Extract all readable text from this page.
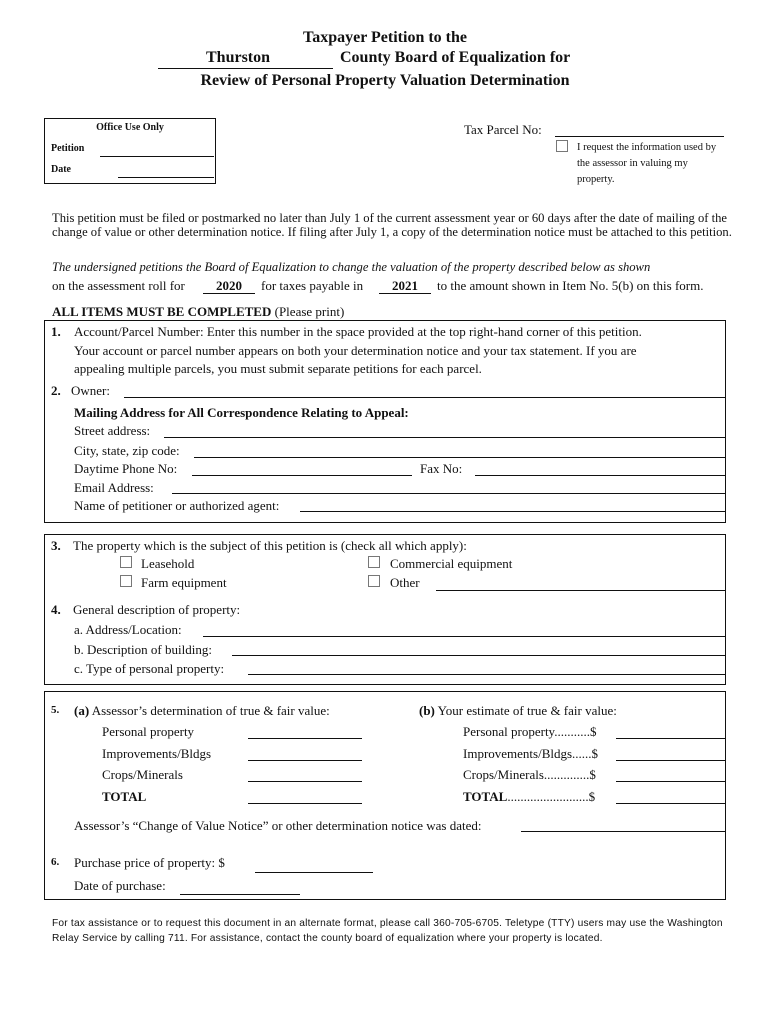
Taxpayer Petition to the
Thurston	County Board of Equalization for
Review of Personal Property Valuation Determination
Office Use Only
Petition
Date
Tax Parcel No:
I request the information used by the assessor in valuing my property.
This petition must be filed or postmarked no later than July 1 of the current assessment year or 60 days after the date of mailing of the change of value or other determination notice. If filing after July 1, a copy of the determination notice must be attached to this petition.
The undersigned petitions the Board of Equalization to change the valuation of the property described below as shown
on the assessment roll for	2020	for taxes payable in	2021	to the amount shown in Item No. 5(b) on this form.
ALL ITEMS MUST BE COMPLETED (Please print)
1. Account/Parcel Number: Enter this number in the space provided at the top right-hand corner of this petition.
Your account or parcel number appears on both your determination notice and your tax statement. If you are
appealing multiple parcels, you must submit separate petitions for each parcel.
2. Owner:
Mailing Address for All Correspondence Relating to Appeal:
Street address:
City, state, zip code:
Daytime Phone No:	Fax No:
Email Address:
Name of petitioner or authorized agent:
3. The property which is the subject of this petition is (check all which apply):
Leasehold	Commercial equipment
Farm equipment	Other
4. General description of property:
a. Address/Location:
b. Description of building:
c. Type of personal property:
5. (a) Assessor’s determination of true & fair value:	(b) Your estimate of true & fair value:
Personal property
Improvements/Bldgs
Crops/Minerals
TOTAL
Personal property...........$
Improvements/Bldgs......$
Crops/Minerals..............$
TOTAL.........................$
Assessor’s “Change of Value Notice” or other determination notice was dated:
6. Purchase price of property: $
Date of purchase:
For tax assistance or to request this document in an alternate format, please call 360-705-6705. Teletype (TTY) users may use the Washington Relay Service by calling 711. For assistance, contact the county board of equalization where your property is located.
